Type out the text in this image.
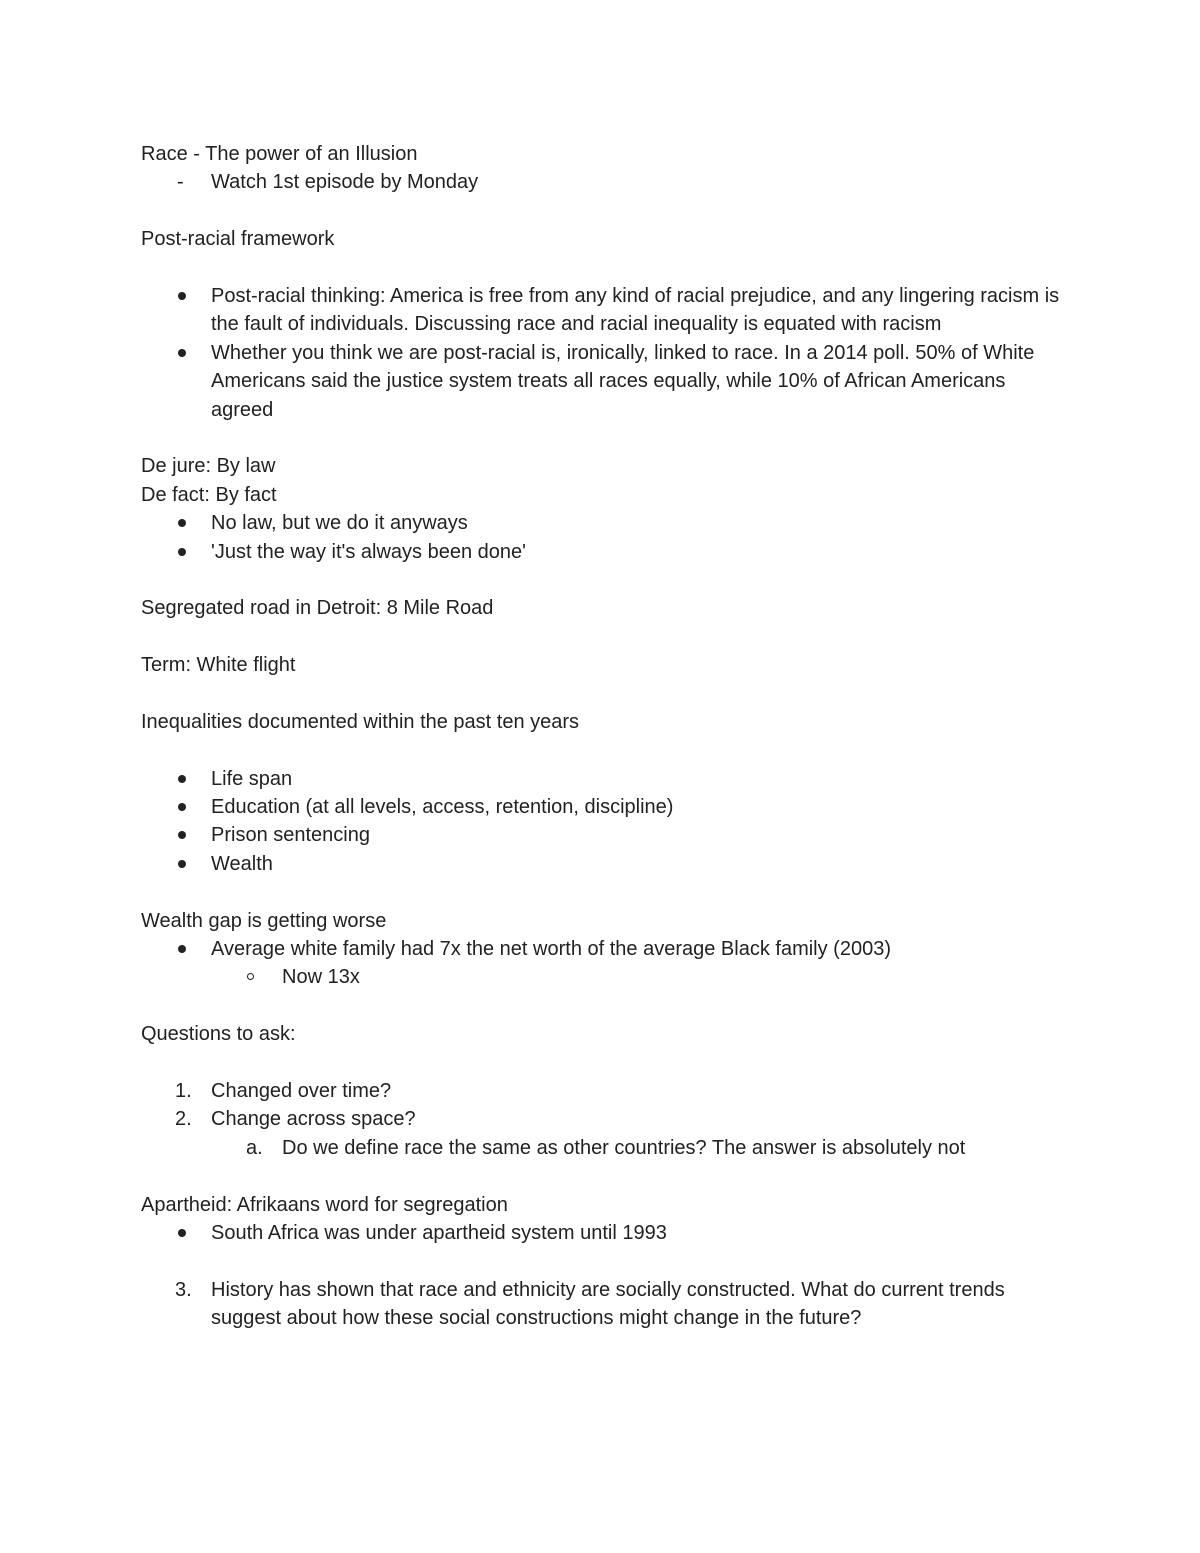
Race - The power of an Illusion
- Watch 1st episode by Monday
Post-racial framework
Post-racial thinking: America is free from any kind of racial prejudice, and any lingering racism is the fault of individuals. Discussing race and racial inequality is equated with racism
Whether you think we are post-racial is, ironically, linked to race. In a 2014 poll. 50% of White Americans said the justice system treats all races equally, while 10% of African Americans agreed
De jure: By law
De fact: By fact
No law, but we do it anyways
'Just the way it's always been done'
Segregated road in Detroit: 8 Mile Road
Term: White flight
Inequalities documented within the past ten years
Life span
Education (at all levels, access, retention, discipline)
Prison sentencing
Wealth
Wealth gap is getting worse
Average white family had 7x the net worth of the average Black family (2003)
Now 13x
Questions to ask:
1. Changed over time?
2. Change across space?
a. Do we define race the same as other countries? The answer is absolutely not
Apartheid: Afrikaans word for segregation
South Africa was under apartheid system until 1993
3. History has shown that race and ethnicity are socially constructed. What do current trends suggest about how these social constructions might change in the future?
